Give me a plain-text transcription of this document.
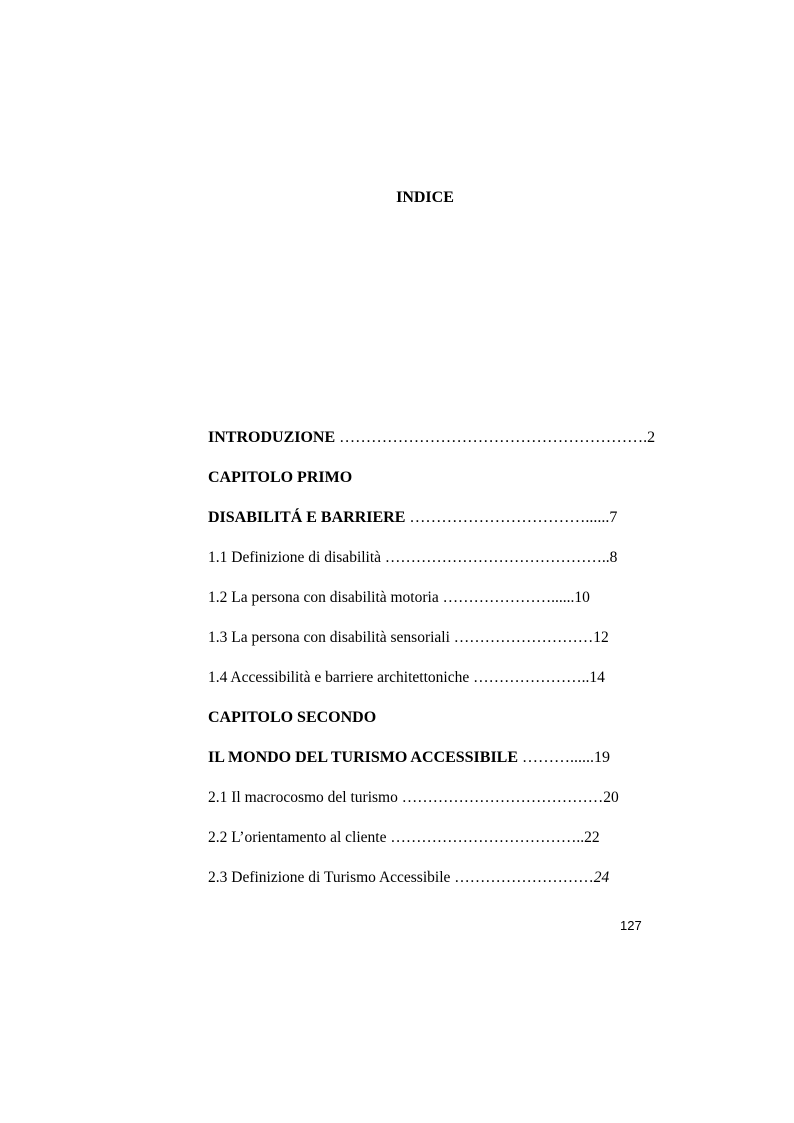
INDICE
INTRODUZIONE ………………………………………………….2
CAPITOLO PRIMO
DISABILITÁ E BARRIERE ……………………………......7
1.1 Definizione di disabilità ……………………………………..8
1.2 La persona con disabilità motoria …………………......10
1.3 La persona con disabilità sensoriali ………………………12
1.4 Accessibilità e barriere architettoniche …………………..14
CAPITOLO SECONDO
IL MONDO DEL TURISMO ACCESSIBILE ………......19
2.1 Il macrocosmo del turismo …………………………………20
2.2 L’orientamento al cliente ………………………………..22
2.3 Definizione di Turismo Accessibile ………………………24
127
